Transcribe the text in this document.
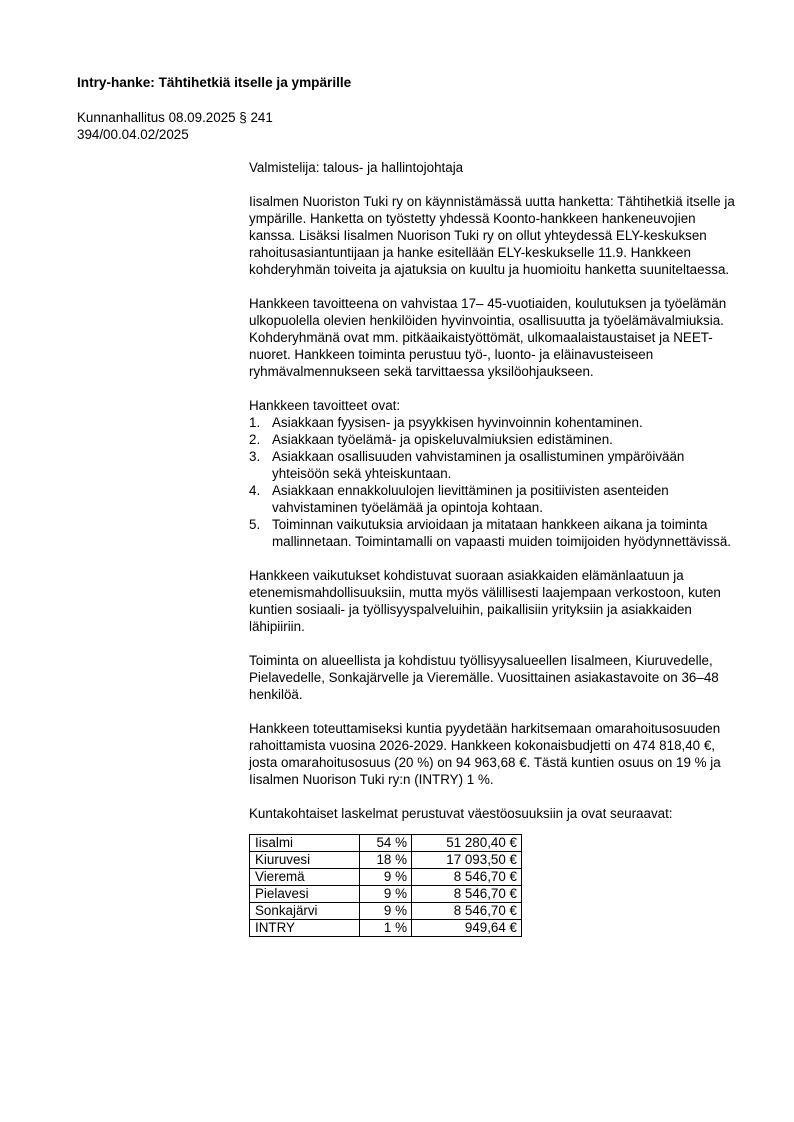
Intry-hanke: Tähtihetkiä itselle ja ympärille
Kunnanhallitus 08.09.2025 § 241
394/00.04.02/2025

Valmistelija: talous- ja hallintojohtaja

Iisalmen Nuoriston Tuki ry on käynnistämässä uutta hanketta: Tähtihetkiä itselle ja ympärille. Hanketta on työstetty yhdessä Koonto-hankkeen hankeneuvojien kanssa. Lisäksi Iisalmen Nuorison Tuki ry on ollut yhteydessä ELY-keskuksen rahoitusasiantuntijaan ja hanke esitellään ELY-keskukselle 11.9. Hankkeen kohderyhmän toiveita ja ajatuksia on kuultu ja huomioitu hanketta suuniteltaessa.

Hankkeen tavoitteena on vahvistaa 17– 45-vuotiaiden, koulutuksen ja työelämän ulkopuolella olevien henkilöiden hyvinvointia, osallisuutta ja työelämävalmiuksia. Kohderyhmänä ovat mm. pitkäaikaistyöttömät, ulkomaalaistaustaiset ja NEET-nuoret. Hankkeen toiminta perustuu työ-, luonto- ja eläinavusteiseen ryhmävalmennukseen sekä tarvittaessa yksilöohjaukseen.

Hankkeen tavoitteet ovat:
1. Asiakkaan fyysisen- ja psyykkisen hyvinvoinnin kohentaminen.
2. Asiakkaan työelämä- ja opiskeluvalmiuksien edistäminen.
3. Asiakkaan osallisuuden vahvistaminen ja osallistuminen ympäröivään yhteisöön sekä yhteiskuntaan.
4. Asiakkaan ennakkoluulojen lievittäminen ja positiivisten asenteiden vahvistaminen työelämää ja opintoja kohtaan.
5. Toiminnan vaikutuksia arvioidaan ja mitataan hankkeen aikana ja toiminta mallinnetaan. Toimintamalli on vapaasti muiden toimijoiden hyödynnettävissä.

Hankkeen vaikutukset kohdistuvat suoraan asiakkaiden elämänlaatuun ja etenemismahdollisuuksiin, mutta myös välillisesti laajempaan verkostoon, kuten kuntien sosiaali- ja työllisyyspalveluihin, paikallisiin yrityksiin ja asiakkaiden lähipiiriin.

Toiminta on alueellista ja kohdistuu työllisyysalueellen Iisalmeen, Kiuruvedelle, Pielavedelle, Sonkajärvelle ja Vieremälle. Vuosittainen asiakastavoite on 36–48 henkilöä.

Hankkeen toteuttamiseksi kuntia pyydetään harkitsemaan omarahoitusosuuden rahoittamista vuosina 2026-2029. Hankkeen kokonaisbudjetti on 474 818,40 €, josta omarahoitusosuus (20 %) on 94 963,68 €. Tästä kuntien osuus on 19 % ja Iisalmen Nuorison Tuki ry:n (INTRY) 1 %.

Kuntakohtaiset laskelmat perustuvat väestöosuuksiin ja ovat seuraavat:
Iisalmi	54 %	51 280,40 €
Kiuruvesi	18 %	17 093,50 €
Vieremä	9 %	8 546,70 €
Pielavesi	9 %	8 546,70 €
Sonkajärvi	9 %	8 546,70 €
INTRY	1 %	949,64 €
